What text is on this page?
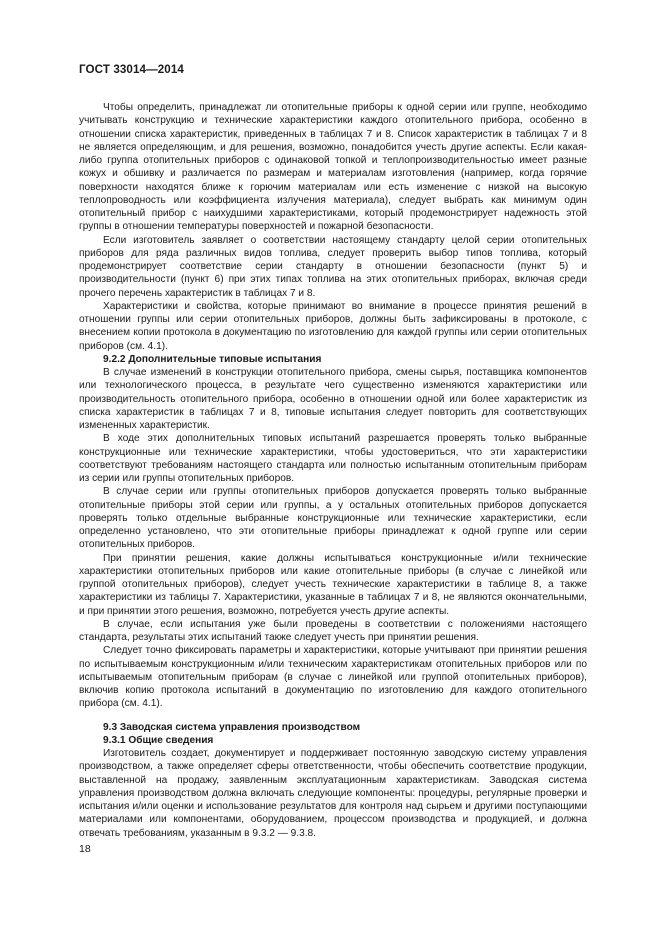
ГОСТ 33014—2014

Чтобы определить, принадлежат ли отопительные приборы к одной серии или группе, необходимо учитывать конструкцию и технические характеристики каждого отопительного прибора, особенно в отношении списка характеристик, приведенных в таблицах 7 и 8. Список характеристик в таблицах 7 и 8 не является определяющим, и для решения, возможно, понадобится учесть другие аспекты. Если какая-либо группа отопительных приборов с одинаковой топкой и теплопроизводительностью имеет разные кожух и обшивку и различается по размерам и материалам изготовления (например, когда горячие поверхности находятся ближе к горючим материалам или есть изменение с низкой на высокую теплопроводность или коэффициента излучения материала), следует выбрать как минимум один отопительный прибор с наихудшими характеристиками, который продемонстрирует надежность этой группы в отношении температуры поверхностей и пожарной безопасности.

Если изготовитель заявляет о соответствии настоящему стандарту целой серии отопительных приборов для ряда различных видов топлива, следует проверить выбор типов топлива, который продемонстрирует соответствие серии стандарту в отношении безопасности (пункт 5) и производительности (пункт 6) при этих типах топлива на этих отопительных приборах, включая среди прочего перечень характеристик в таблицах 7 и 8.

Характеристики и свойства, которые принимают во внимание в процессе принятия решений в отношении группы или серии отопительных приборов, должны быть зафиксированы в протоколе, с внесением копии протокола в документацию по изготовлению для каждой группы или серии отопительных приборов (см. 4.1).

9.2.2 Дополнительные типовые испытания

В случае изменений в конструкции отопительного прибора, смены сырья, поставщика компонентов или технологического процесса, в результате чего существенно изменяются характеристики или производительность отопительного прибора, особенно в отношении одной или более характеристик из списка характеристик в таблицах 7 и 8, типовые испытания следует повторить для соответствующих измененных характеристик.

В ходе этих дополнительных типовых испытаний разрешается проверять только выбранные конструкционные или технические характеристики, чтобы удостовериться, что эти характеристики соответствуют требованиям настоящего стандарта или полностью испытанным отопительным приборам из серии или группы отопительных приборов.

В случае серии или группы отопительных приборов допускается проверять только выбранные отопительные приборы этой серии или группы, а у остальных отопительных приборов допускается проверять только отдельные выбранные конструкционные или технические характеристики, если определенно установлено, что эти отопительные приборы принадлежат к одной группе или серии отопительных приборов.

При принятии решения, какие должны испытываться конструкционные и/или технические характеристики отопительных приборов или какие отопительные приборы (в случае с линейкой или группой отопительных приборов), следует учесть технические характеристики в таблице 8, а также характеристики из таблицы 7. Характеристики, указанные в таблицах 7 и 8, не являются окончательными, и при принятии этого решения, возможно, потребуется учесть другие аспекты.

В случае, если испытания уже были проведены в соответствии с положениями настоящего стандарта, результаты этих испытаний также следует учесть при принятии решения.

Следует точно фиксировать параметры и характеристики, которые учитывают при принятии решения по испытываемым конструкционным и/или техническим характеристикам отопительных приборов или по испытываемым отопительным приборам (в случае с линейкой или группой отопительных приборов), включив копию протокола испытаний в документацию по изготовлению для каждого отопительного прибора (см. 4.1).

9.3 Заводская система управления производством
9.3.1 Общие сведения

Изготовитель создает, документирует и поддерживает постоянную заводскую систему управления производством, а также определяет сферы ответственности, чтобы обеспечить соответствие продукции, выставленной на продажу, заявленным эксплуатационным характеристикам. Заводская система управления производством должна включать следующие компоненты: процедуры, регулярные проверки и испытания и/или оценки и использование результатов для контроля над сырьем и другими поступающими материалами или компонентами, оборудованием, процессом производства и продукцией, и должна отвечать требованиям, указанным в 9.3.2 — 9.3.8.

18
